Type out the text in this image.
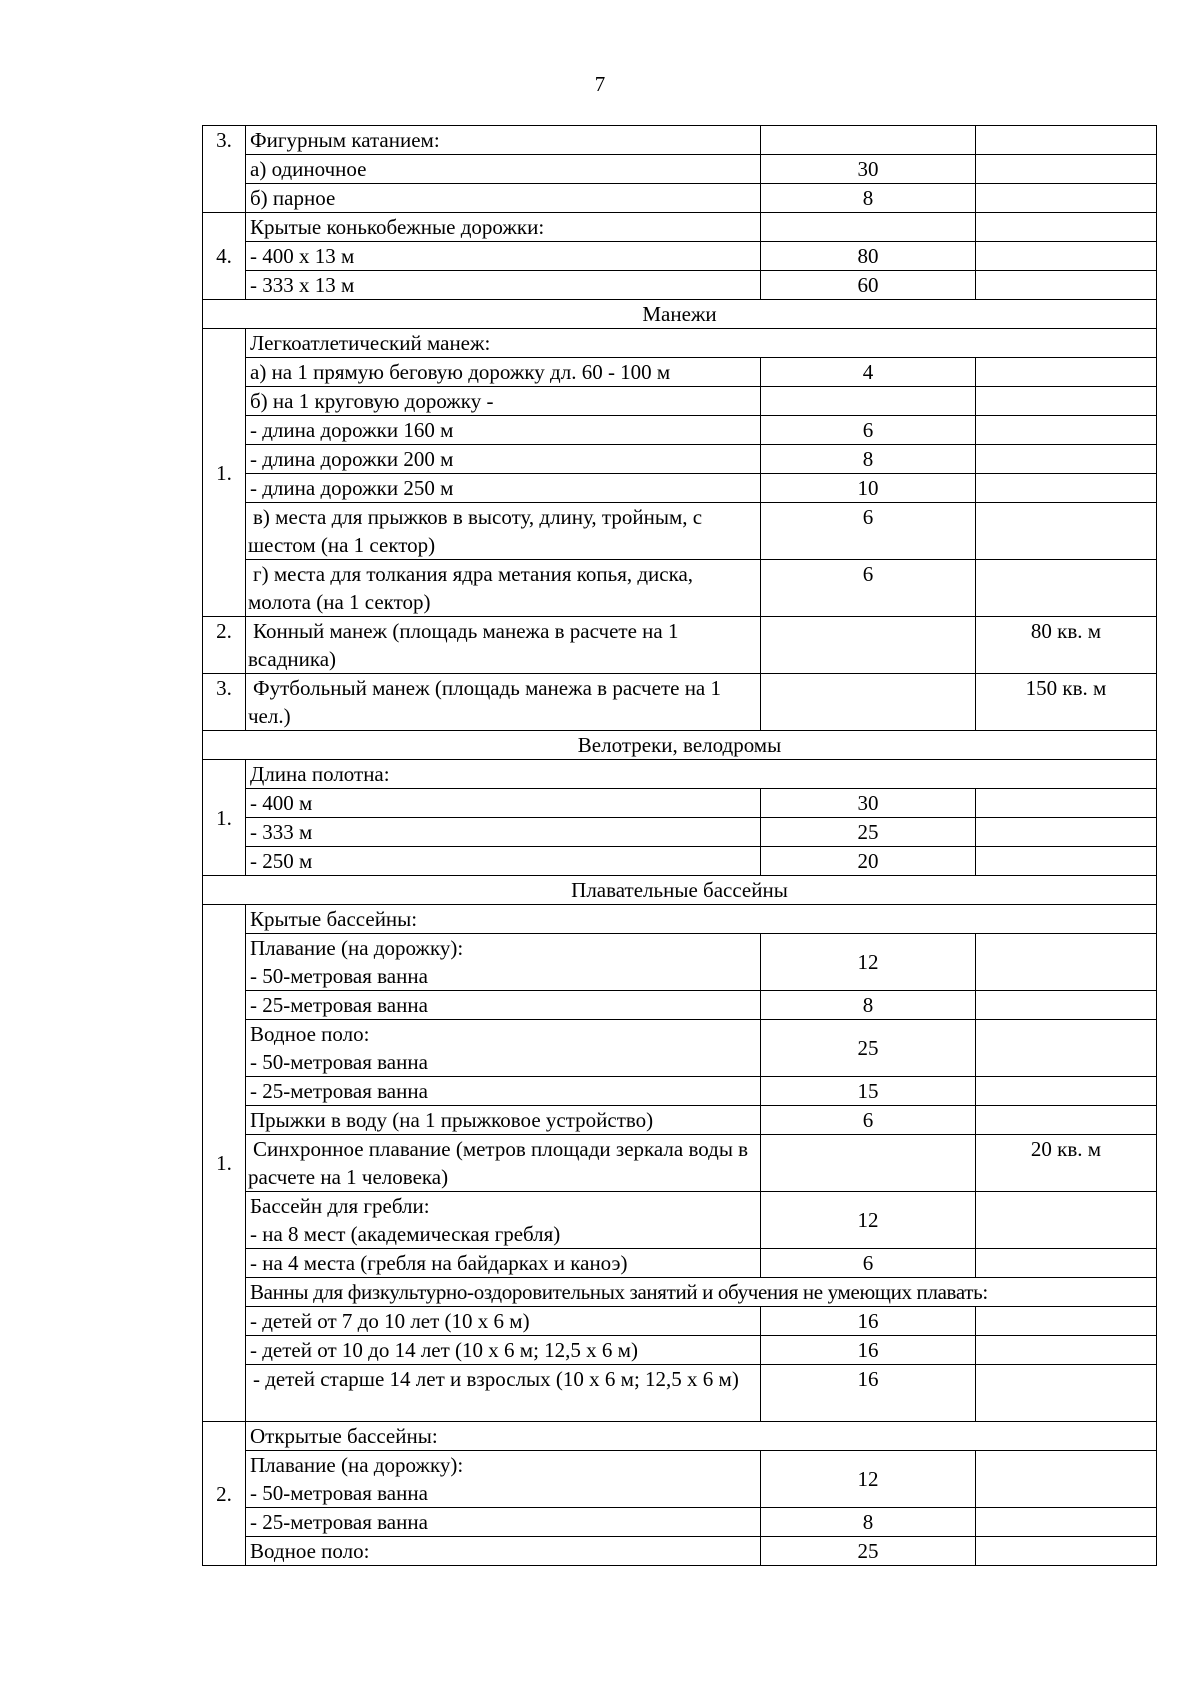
7
3.	Фигурным катанием:		
	а) одиночное	30	
	б) парное	8	
4.	Крытые конькобежные дорожки:		
	- 400 х 13 м	80	
	- 333 х 13 м	60	
Манежи			
1.	Легкоатлетический манеж:		
	а) на 1 прямую беговую дорожку дл. 60 - 100 м	4	
	б) на 1 круговую дорожку -		
	- длина дорожки 160 м	6	
	- длина дорожки 200 м	8	
	- длина дорожки 250 м	10	
	в) места для прыжков в высоту, длину, тройным, с шестом (на 1 сектор)	6	
	г) места для толкания ядра метания копья, диска, молота (на 1 сектор)	6	
2.	Конный манеж (площадь манежа в расчете на 1 всадника)		80 кв. м
3.	Футбольный манеж (площадь манежа в расчете на 1 чел.)		150 кв. м
Велотреки, велодромы			
1.	Длина полотна:		
	- 400 м	30	
	- 333 м	25	
	- 250 м	20	
Плавательные бассейны			
1.	Крытые бассейны:		

	Плавание (на дорожку):
- 50-метровая ванна	12	
	- 25-метровая ванна	8	

	Водное поло:
- 50-метровая ванна	25	
	- 25-метровая ванна	15	
	Прыжки в воду (на 1 прыжковое устройство)	6	
	Синхронное плавание (метров площади зеркала воды в расчете на 1 человека)		20 кв. м

	Бассейн для гребли:
- на 8 мест (академическая гребля)	12	
	- на 4 места (гребля на байдарках и каноэ)	6	
	Ванны для физкультурно-оздоровительных занятий и обучения не умеющих плавать:		
	- детей от 7 до 10 лет (10 х 6 м)	16	
	- детей от 10 до 14 лет (10 х 6 м; 12,5 х 6 м)	16	
	- детей старше 14 лет и взрослых (10 х 6 м; 12,5 х 6 м)	16	
2.	Открытые бассейны:		

	Плавание (на дорожку):
- 50-метровая ванна	12	
	- 25-метровая ванна	8	
	Водное поло:	25	
